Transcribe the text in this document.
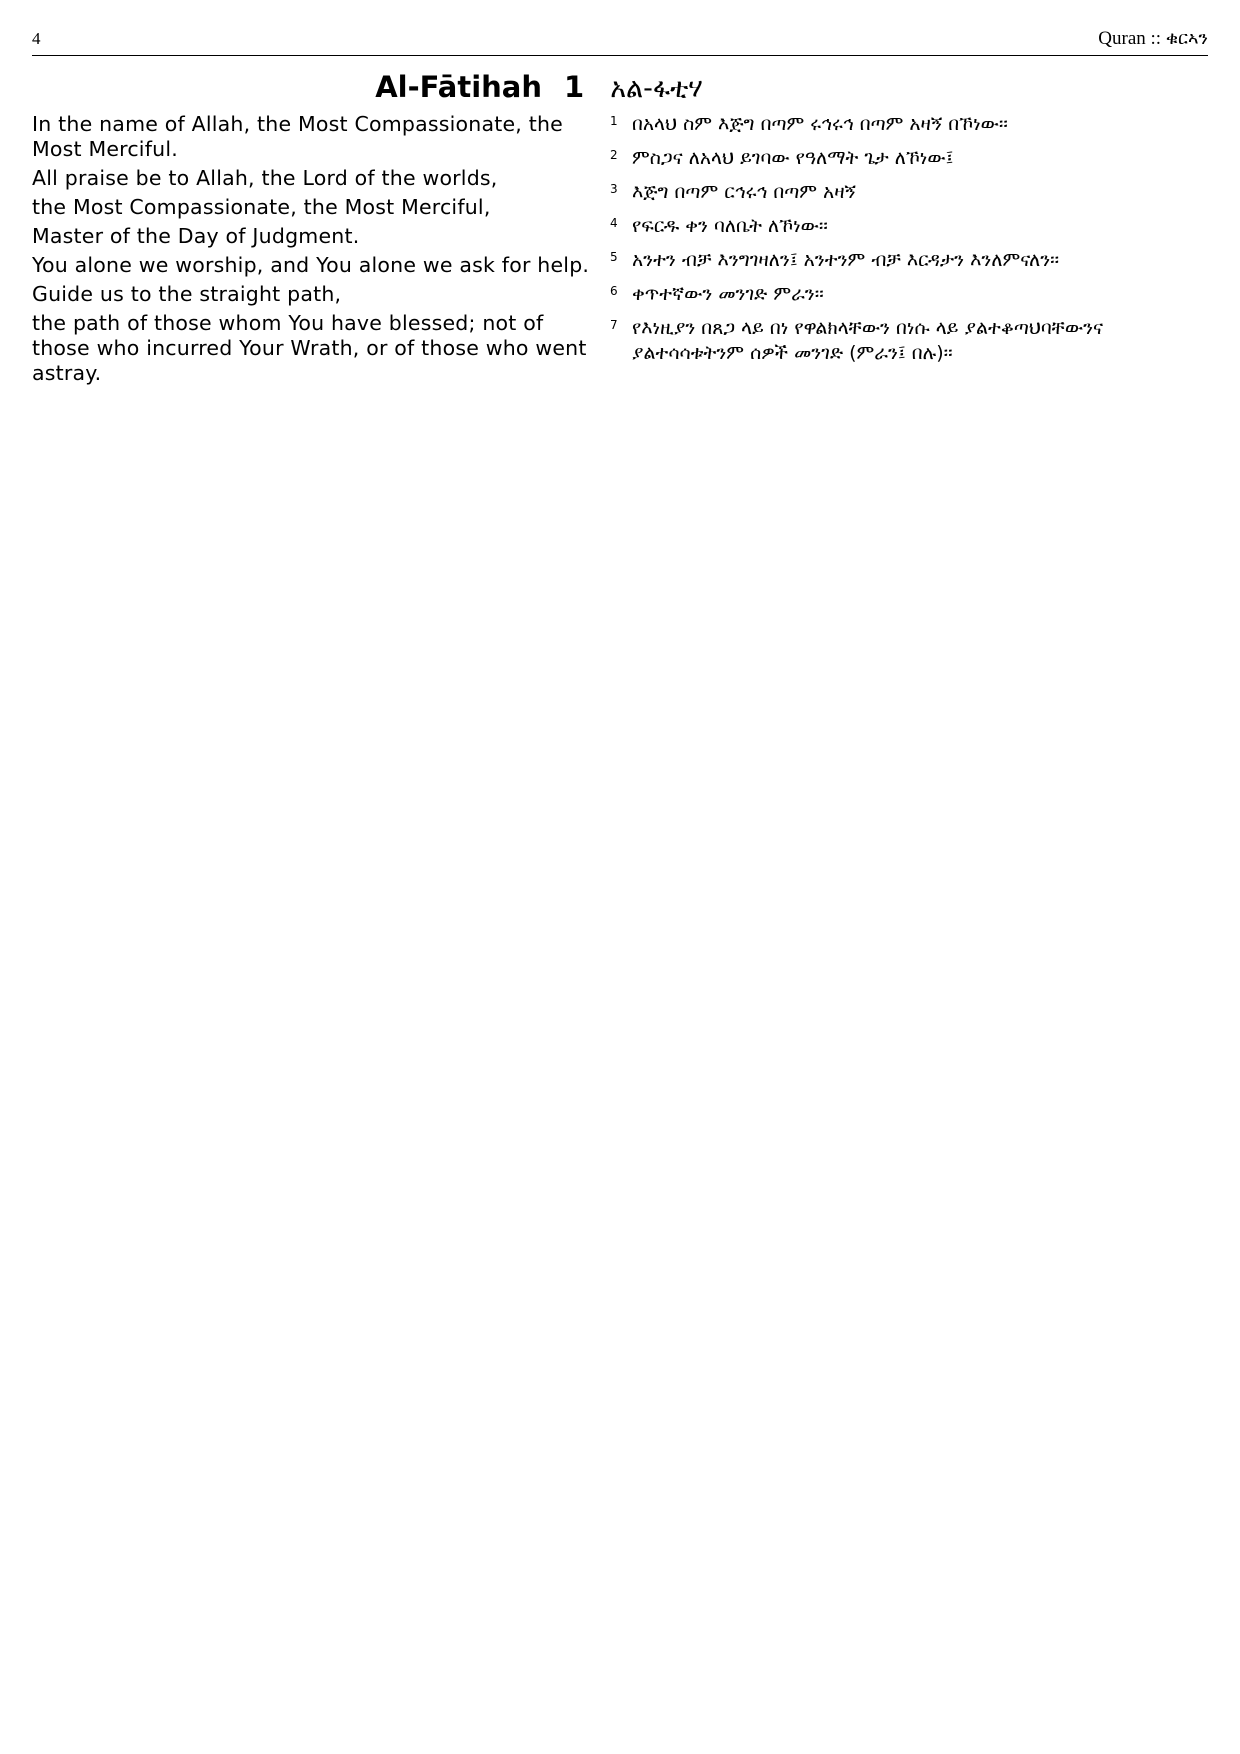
4	Quran :: ቁርኣን
Al-Fātihah 1 አል-ፋቲሃ

In the name of Allah, the Most Compassionate, the Most Merciful.

All praise be to Allah, the Lord of the worlds,

the Most Compassionate, the Most Merciful,

Master of the Day of Judgment.

You alone we worship, and You alone we ask for help.

Guide us to the straight path,

the path of those whom You have blessed; not of those who incurred Your Wrath, or of those who went astray.

1 በአላህ ስም እጅግ በጣም ሩኅሩኅ በጣም አዛኝ በኾነው፡፡
2 ምስጋና ለአላህ ይገባው የዓለማት ጌታ ለኾነው፤
3 እጅግ በጣም ርኅሩኅ በጣም አዛኝ
4 የፍርዱ ቀን ባለቤት ለኾነው፡፡
5 አንተን ብቻ እንግገዛለን፤ አንተንም ብቻ እርዳታን እንለምናለን፡፡
6 ቀጥተኛውን መንገድ ምራን፡፡
7 የእነዚያን በጸጋ ላይ በነ የዋልክላቸውን በነሱ ላይ ያልተቆጣህባቸውንና ያልተሳሳቱትንም ሰዎች መንገድ (ምራን፤ በሉ)፡፡
